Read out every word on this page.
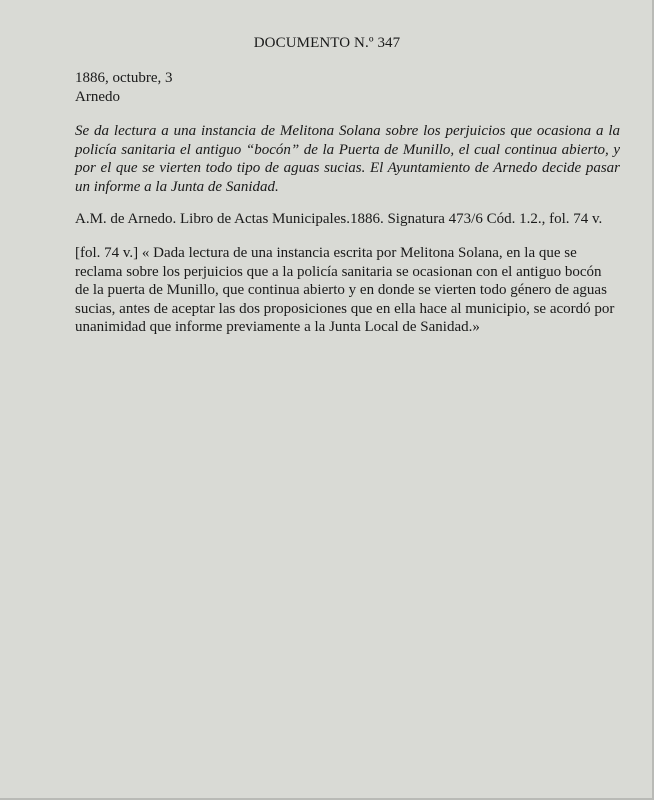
DOCUMENTO N.º 347
1886, octubre, 3
Arnedo

Se da lectura a una instancia de Melitona Solana sobre los perjuicios que ocasiona a la policía sanitaria el antiguo “bocón” de la Puerta de Munillo, el cual continua abierto, y por el que se vierten todo tipo de aguas sucias. El Ayuntamiento de Arnedo decide pasar un informe a la Junta de Sanidad.

A.M. de Arnedo. Libro de Actas Municipales.1886. Signatura 473/6 Cód. 1.2., fol. 74 v.

[fol. 74 v.] « Dada lectura de una instancia escrita por Melitona Solana, en la que se reclama sobre los perjuicios que a la policía sanitaria se ocasionan con el antiguo bocón de la puerta de Munillo, que continua abierto y en donde se vierten todo género de aguas sucias, antes de aceptar las dos proposiciones que en ella hace al municipio, se acordó por unanimidad que informe previamente a la Junta Local de Sanidad.»
